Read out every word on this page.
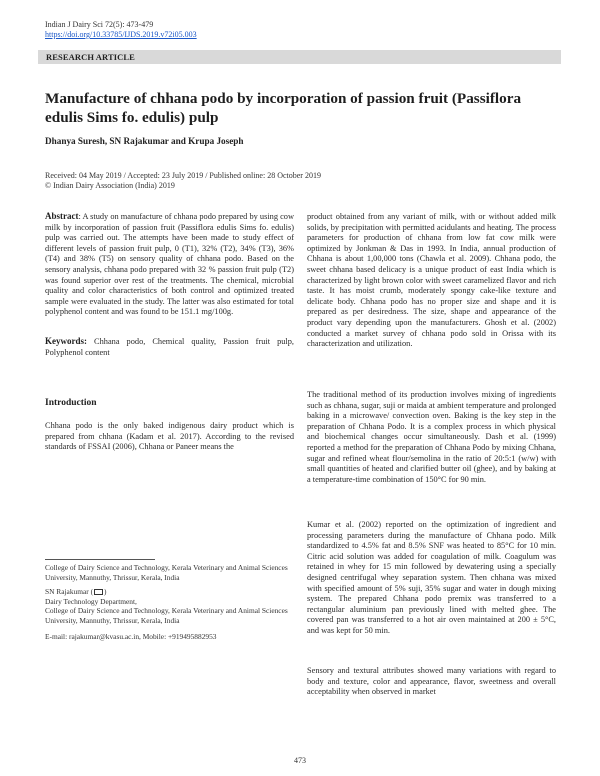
Indian J Dairy Sci 72(5): 473-479
https://doi.org/10.33785/IJDS.2019.v72i05.003
RESEARCH ARTICLE
Manufacture of chhana podo by incorporation of passion fruit (Passiflora edulis Sims fo. edulis) pulp
Dhanya Suresh, SN Rajakumar and Krupa Joseph
Received: 04 May 2019 / Accepted: 23 July 2019 / Published online: 28 October 2019
© Indian Dairy Association (India) 2019

Abstract: A study on manufacture of chhana podo prepared by using cow milk by incorporation of passion fruit (Passiflora edulis Sims fo. edulis) pulp was carried out. The attempts have been made to study effect of different levels of passion fruit pulp, 0 (T1), 32% (T2), 34% (T3), 36% (T4) and 38% (T5) on sensory quality of chhana podo. Based on the sensory analysis, chhana podo prepared with 32 % passion fruit pulp (T2) was found superior over rest of the treatments. The chemical, microbial quality and color characteristics of both control and optimized treated sample were evaluated in the study. The latter was also estimated for total polyphenol content and was found to be 151.1 mg/100g.

Keywords: Chhana podo, Chemical quality, Passion fruit pulp, Polyphenol content

Introduction

Chhana podo is the only baked indigenous dairy product which is prepared from chhana (Kadam et al. 2017). According to the revised standards of FSSAI (2006), Chhana or Paneer means the

College of Dairy Science and Technology, Kerala Veterinary and Animal Sciences University, Mannuthy, Thrissur, Kerala, India
SN Rajakumar ( )
Dairy Technology Department,
College of Dairy Science and Technology, Kerala Veterinary and Animal Sciences University, Mannuthy, Thrissur, Kerala, India
E-mail: rajakumar@kvasu.ac.in, Mobile: +919495882953

product obtained from any variant of milk, with or without added milk solids, by precipitation with permitted acidulants and heating. The process parameters for production of chhana from low fat cow milk were optimized by Jonkman & Das in 1993. In India, annual production of Chhana is about 1,00,000 tons (Chawla et al. 2009). Chhana podo, the sweet chhana based delicacy is a unique product of east India which is characterized by light brown color with sweet caramelized flavor and rich taste. It has moist crumb, moderately spongy cake-like texture and delicate body. Chhana podo has no proper size and shape and it is prepared as per desiredness. The size, shape and appearance of the product vary depending upon the manufacturers. Ghosh et al. (2002) conducted a market survey of chhana podo sold in Orissa with its characterization and utilization.

The traditional method of its production involves mixing of ingredients such as chhana, sugar, suji or maida at ambient temperature and prolonged baking in a microwave/ convection oven. Baking is the key step in the preparation of Chhana Podo. It is a complex process in which physical and biochemical changes occur simultaneously. Dash et al. (1999) reported a method for the preparation of Chhana Podo by mixing Chhana, sugar and refined wheat flour/semolina in the ratio of 20:5:1 (w/w) with small quantities of heated and clarified butter oil (ghee), and by baking at a temperature-time combination of 150°C for 90 min.

Kumar et al. (2002) reported on the optimization of ingredient and processing parameters during the manufacture of Chhana podo. Milk standardized to 4.5% fat and 8.5% SNF was heated to 85°C for 10 min. Citric acid solution was added for coagulation of milk. Coagulum was retained in whey for 15 min followed by dewatering using a specially designed centrifugal whey separation system. Then chhana was mixed with specified amount of 5% suji, 35% sugar and water in dough mixing system. The prepared Chhana podo premix was transferred to a rectangular aluminium pan previously lined with melted ghee. The covered pan was transferred to a hot air oven maintained at 200 ± 5°C, and was kept for 50 min.

Sensory and textural attributes showed many variations with regard to body and texture, color and appearance, flavor, sweetness and overall acceptability when observed in market

473
